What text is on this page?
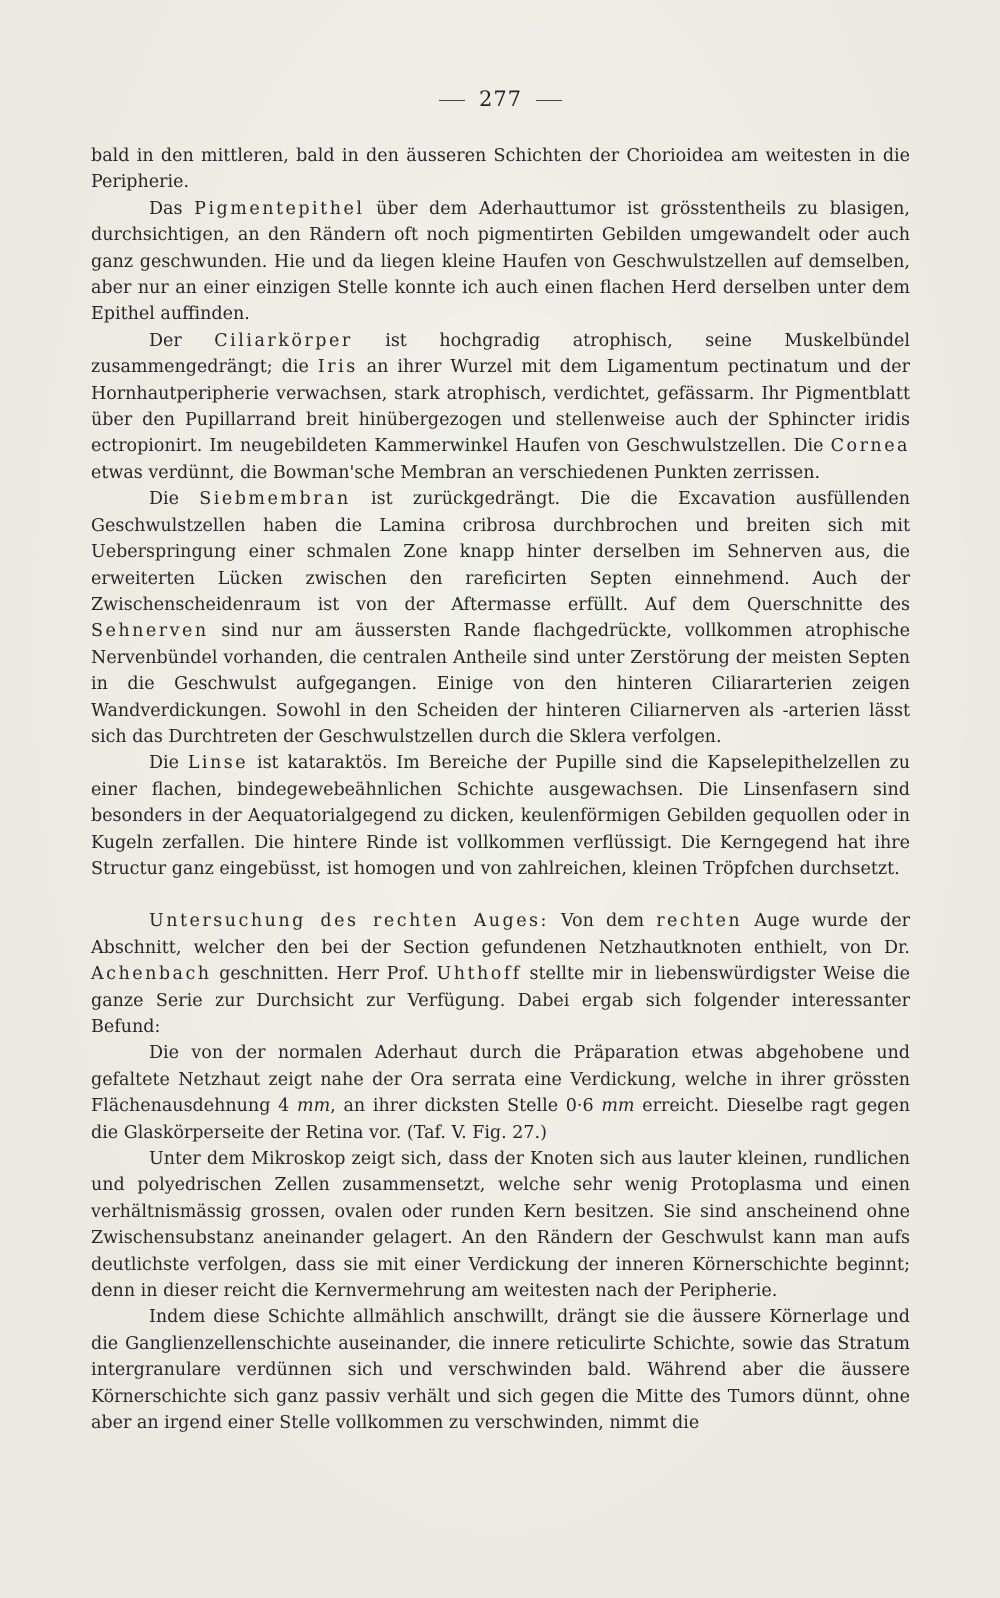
277

bald in den mittleren, bald in den äusseren Schichten der Chorioidea am weitesten in die Peripherie.

Das Pigmentepithel über dem Aderhauttumor ist grösstentheils zu blasigen, durchsichtigen, an den Rändern oft noch pigmentirten Gebilden umgewandelt oder auch ganz geschwunden. Hie und da liegen kleine Haufen von Geschwulstzellen auf demselben, aber nur an einer einzigen Stelle konnte ich auch einen flachen Herd derselben unter dem Epithel auffinden.

Der Ciliarkörper ist hochgradig atrophisch, seine Muskelbündel zusammengedrängt; die Iris an ihrer Wurzel mit dem Ligamentum pectinatum und der Hornhautperipherie verwachsen, stark atrophisch, verdichtet, gefässarm. Ihr Pigmentblatt über den Pupillarrand breit hinübergezogen und stellenweise auch der Sphincter iridis ectropionirt. Im neugebildeten Kammerwinkel Haufen von Geschwulstzellen. Die Cornea etwas verdünnt, die Bowman'sche Membran an verschiedenen Punkten zerrissen.

Die Siebmembran ist zurückgedrängt. Die die Excavation ausfüllenden Geschwulstzellen haben die Lamina cribrosa durchbrochen und breiten sich mit Ueberspringung einer schmalen Zone knapp hinter derselben im Sehnerven aus, die erweiterten Lücken zwischen den rareficirten Septen einnehmend. Auch der Zwischenscheidenraum ist von der Aftermasse erfüllt. Auf dem Querschnitte des Sehnerven sind nur am äussersten Rande flachgedrückte, vollkommen atrophische Nervenbündel vorhanden, die centralen Antheile sind unter Zerstörung der meisten Septen in die Geschwulst aufgegangen. Einige von den hinteren Ciliararterien zeigen Wandverdickungen. Sowohl in den Scheiden der hinteren Ciliarnerven als -arterien lässt sich das Durchtreten der Geschwulstzellen durch die Sklera verfolgen.

Die Linse ist kataraktös. Im Bereiche der Pupille sind die Kapselepithelzellen zu einer flachen, bindegewebeähnlichen Schichte ausgewachsen. Die Linsenfasern sind besonders in der Aequatorialgegend zu dicken, keulenförmigen Gebilden gequollen oder in Kugeln zerfallen. Die hintere Rinde ist vollkommen verflüssigt. Die Kerngegend hat ihre Structur ganz eingebüsst, ist homogen und von zahlreichen, kleinen Tröpfchen durchsetzt.

Untersuchung des rechten Auges: Von dem rechten Auge wurde der Abschnitt, welcher den bei der Section gefundenen Netzhautknoten enthielt, von Dr. Achenbach geschnitten. Herr Prof. Uhthoff stellte mir in liebenswürdigster Weise die ganze Serie zur Durchsicht zur Verfügung. Dabei ergab sich folgender interessanter Befund:

Die von der normalen Aderhaut durch die Präparation etwas abgehobene und gefaltete Netzhaut zeigt nahe der Ora serrata eine Verdickung, welche in ihrer grössten Flächenausdehnung 4 mm, an ihrer dicksten Stelle 0·6 mm erreicht. Dieselbe ragt gegen die Glaskörperseite der Retina vor. (Taf. V. Fig. 27.)

Unter dem Mikroskop zeigt sich, dass der Knoten sich aus lauter kleinen, rundlichen und polyedrischen Zellen zusammensetzt, welche sehr wenig Protoplasma und einen verhältnismässig grossen, ovalen oder runden Kern besitzen. Sie sind anscheinend ohne Zwischensubstanz aneinander gelagert. An den Rändern der Geschwulst kann man aufs deutlichste verfolgen, dass sie mit einer Verdickung der inneren Körnerschichte beginnt; denn in dieser reicht die Kernvermehrung am weitesten nach der Peripherie.

Indem diese Schichte allmählich anschwillt, drängt sie die äussere Körnerlage und die Ganglienzellenschichte auseinander, die innere reticulirte Schichte, sowie das Stratum intergranulare verdünnen sich und verschwinden bald. Während aber die äussere Körnerschichte sich ganz passiv verhält und sich gegen die Mitte des Tumors dünnt, ohne aber an irgend einer Stelle vollkommen zu verschwinden, nimmt die
